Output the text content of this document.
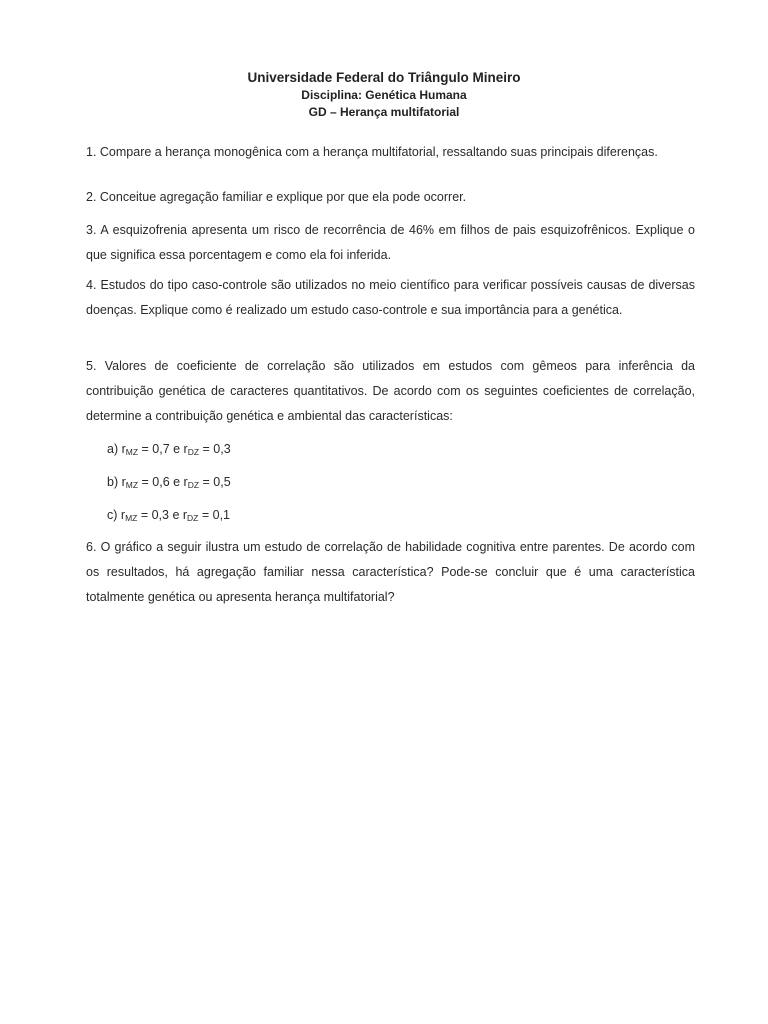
Universidade Federal do Triângulo Mineiro
Disciplina: Genética Humana
GD – Herança multifatorial
1. Compare a herança monogênica com a herança multifatorial, ressaltando suas principais diferenças.
2. Conceitue agregação familiar e explique por que ela pode ocorrer.
3. A esquizofrenia apresenta um risco de recorrência de 46% em filhos de pais esquizofrênicos. Explique o que significa essa porcentagem e como ela foi inferida.
4. Estudos do tipo caso-controle são utilizados no meio científico para verificar possíveis causas de diversas doenças. Explique como é realizado um estudo caso-controle e sua importância para a genética.
5. Valores de coeficiente de correlação são utilizados em estudos com gêmeos para inferência da contribuição genética de caracteres quantitativos. De acordo com os seguintes coeficientes de correlação, determine a contribuição genética e ambiental das características:
a) $r_{MZ} = 0,7$ e $r_{DZ} = 0,3$
b) $r_{MZ} = 0,6$ e $r_{DZ} = 0,5$
c) $r_{MZ} = 0,3$ e $r_{DZ} = 0,1$
6. O gráfico a seguir ilustra um estudo de correlação de habilidade cognitiva entre parentes. De acordo com os resultados, há agregação familiar nessa característica? Pode-se concluir que é uma característica totalmente genética ou apresenta herança multifatorial?
